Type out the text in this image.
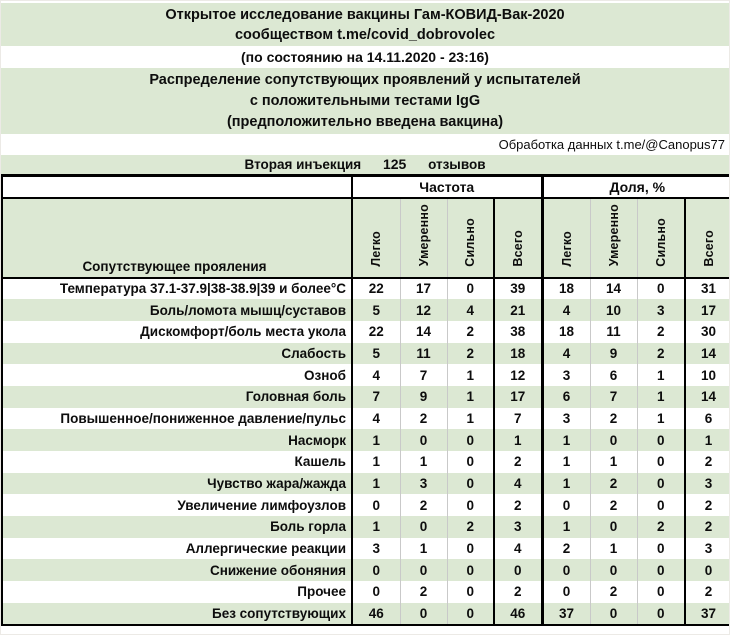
Открытое исследование вакцины Гам-КОВИД-Вак-2020
сообществом t.me/covid_dobrovolec
(по состоянию на 14.11.2020 - 23:16)
Распределение сопутствующих проявлений у испытателей
с положительными тестами IgG
(предположительно введена вакцина)
Обработка данных t.me/@Canopus77
Вторая инъекция 125 отзывов
	Частота				Доля, %			
Сопутствующее прояления	Легко	Умеренно	Сильно	Всего	Легко	Умеренно	Сильно	Всего
Температура 37.1-37.9|38-38.9|39 и более°С	22	17	0	39	18	14	0	31
Боль/ломота мышц/суставов	5	12	4	21	4	10	3	17
Дискомфорт/боль места укола	22	14	2	38	18	11	2	30
Слабость	5	11	2	18	4	9	2	14
Озноб	4	7	1	12	3	6	1	10
Головная боль	7	9	1	17	6	7	1	14
Повышенное/пониженное давление/пульс	4	2	1	7	3	2	1	6
Насморк	1	0	0	1	1	0	0	1
Кашель	1	1	0	2	1	1	0	2
Чувство жара/жажда	1	3	0	4	1	2	0	3
Увеличение лимфоузлов	0	2	0	2	0	2	0	2
Боль горла	1	0	2	3	1	0	2	2
Аллергические реакции	3	1	0	4	2	1	0	3
Снижение обоняния	0	0	0	0	0	0	0	0
Прочее	0	2	0	2	0	2	0	2
Без сопутствующих	46	0	0	46	37	0	0	37
